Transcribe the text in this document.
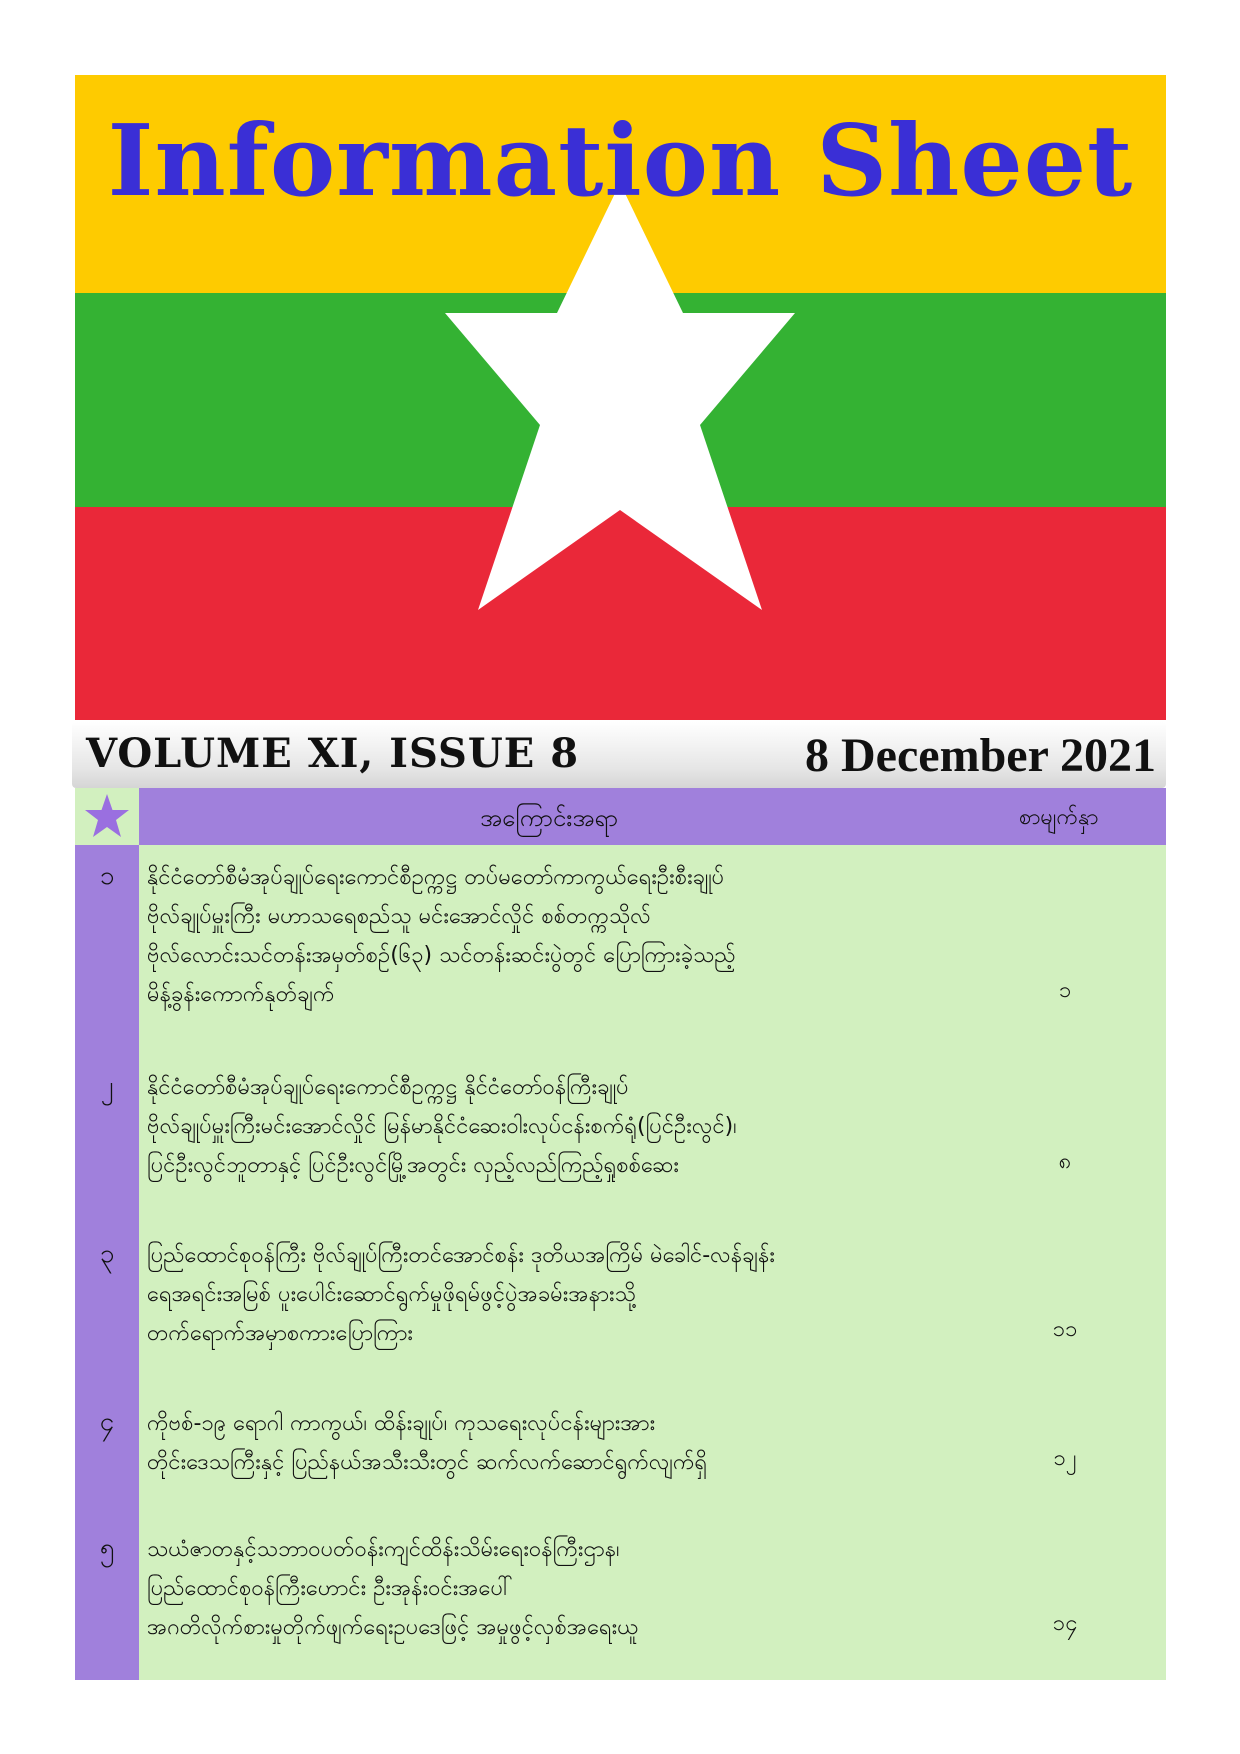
Information Sheet
VOLUME XI, ISSUE 8	8 December 2021
အကြောင်းအရာ	စာမျက်နှာ
၁	နိုင်ငံတော်စီမံအုပ်ချုပ်ရေးကောင်စီဥက္ကဋ္ဌ တပ်မတော်ကာကွယ်ရေးဦးစီးချုပ်
ဗိုလ်ချုပ်မှူးကြီး မဟာသရေစည်သူ မင်းအောင်လှိုင် စစ်တက္ကသိုလ်
ဗိုလ်လောင်းသင်တန်းအမှတ်စဉ်(၆၃) သင်တန်းဆင်းပွဲတွင် ပြောကြားခဲ့သည့်
မိန့်ခွန်းကောက်နုတ်ချက်	၁
၂	နိုင်ငံတော်စီမံအုပ်ချုပ်ရေးကောင်စီဥက္ကဋ္ဌ နိုင်ငံတော်ဝန်ကြီးချုပ်
ဗိုလ်ချုပ်မှူးကြီးမင်းအောင်လှိုင် မြန်မာနိုင်ငံဆေးဝါးလုပ်ငန်းစက်ရုံ(ပြင်ဦးလွင်)၊
ပြင်ဦးလွင်ဘူတာနှင့် ပြင်ဦးလွင်မြို့အတွင်း လှည့်လည်ကြည့်ရှုစစ်ဆေး	၈
၃	ပြည်ထောင်စုဝန်ကြီး ဗိုလ်ချုပ်ကြီးတင်အောင်စန်း ဒုတိယအကြိမ် မဲခေါင်-လန်ချန်း
ရေအရင်းအမြစ် ပူးပေါင်းဆောင်ရွက်မှုဖိုရမ်ဖွင့်ပွဲအခမ်းအနားသို့
တက်ရောက်အမှာစကားပြောကြား	၁၁
၄	ကိုဗစ်-၁၉ ရောဂါ ကာကွယ်၊ ထိန်းချုပ်၊ ကုသရေးလုပ်ငန်းများအား
တိုင်းဒေသကြီးနှင့် ပြည်နယ်အသီးသီးတွင် ဆက်လက်ဆောင်ရွက်လျက်ရှိ	၁၂
၅	သယံဇာတနှင့်သဘာဝပတ်ဝန်းကျင်ထိန်းသိမ်းရေးဝန်ကြီးဌာန၊
ပြည်ထောင်စုဝန်ကြီးဟောင်း ဦးအုန်းဝင်းအပေါ်
အဂတိလိုက်စားမှုတိုက်ဖျက်ရေးဥပဒေဖြင့် အမှုဖွင့်လှစ်အရေးယူ	၁၄
